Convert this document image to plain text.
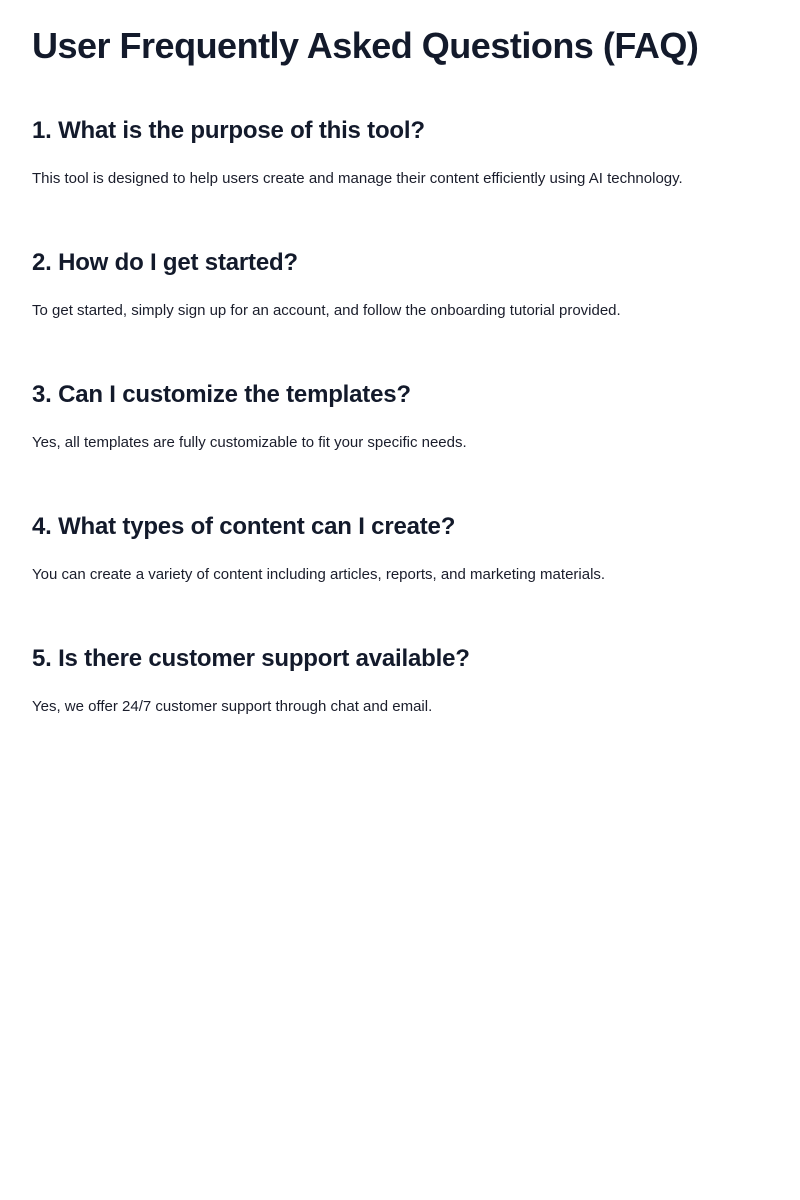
User Frequently Asked Questions (FAQ)
1. What is the purpose of this tool?

This tool is designed to help users create and manage their content efficiently using AI technology.

2. How do I get started?

To get started, simply sign up for an account, and follow the onboarding tutorial provided.

3. Can I customize the templates?

Yes, all templates are fully customizable to fit your specific needs.

4. What types of content can I create?

You can create a variety of content including articles, reports, and marketing materials.

5. Is there customer support available?

Yes, we offer 24/7 customer support through chat and email.
